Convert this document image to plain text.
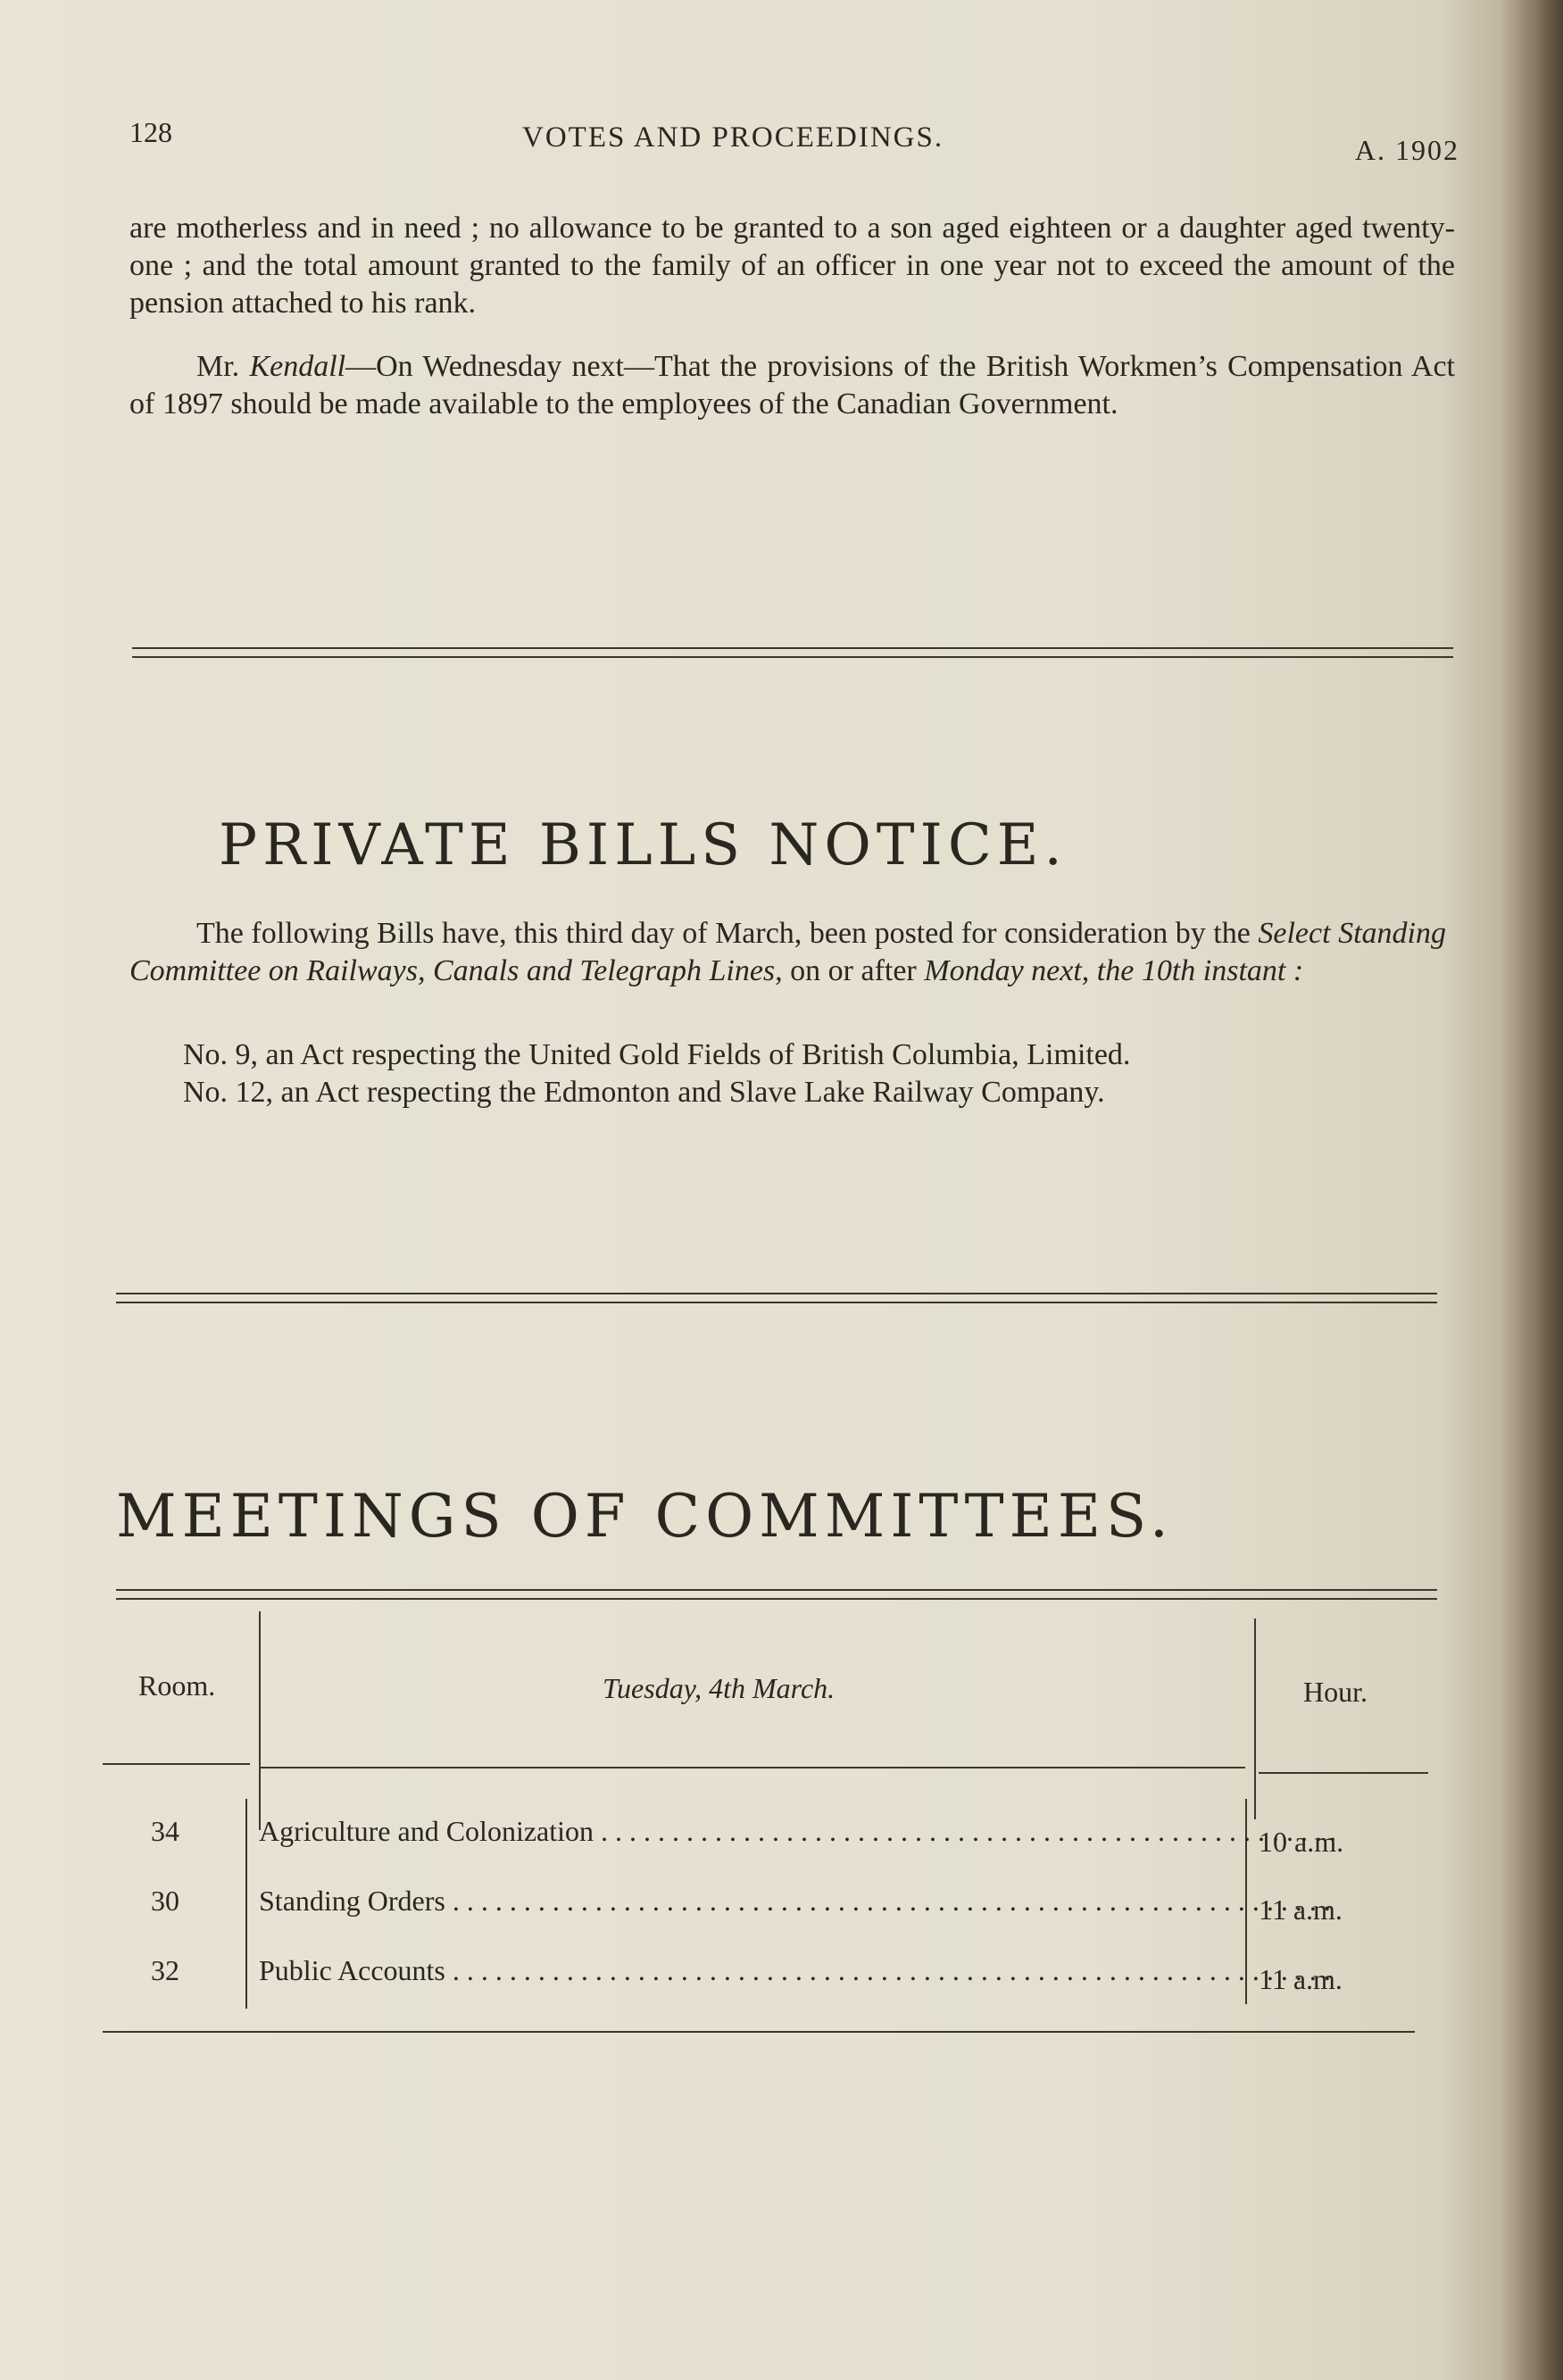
128	VOTES AND PROCEEDINGS.	A. 1902
are motherless and in need ; no allowance to be granted to a son aged eighteen or a daughter aged twenty-one ; and the total amount granted to the family of an officer in one year not to exceed the amount of the pension attached to his rank.
Mr. Kendall—On Wednesday next—That the provisions of the British Workmen’s Compensation Act of 1897 should be made available to the employees of the Canadian Government.
PRIVATE BILLS NOTICE.
The following Bills have, this third day of March, been posted for consideration by the Select Standing Committee on Railways, Canals and Telegraph Lines, on or after Monday next, the 10th instant :
No. 9, an Act respecting the United Gold Fields of British Columbia, Limited.
No. 12, an Act respecting the Edmonton and Slave Lake Railway Company.
MEETINGS OF COMMITTEES.
Room.	Tuesday, 4th March.	Hour.
34	Agriculture and Colonization . . .	10 a.m.
30	Standing Orders . . .	11 a.m.
32	Public Accounts . . .	11 a.m.
